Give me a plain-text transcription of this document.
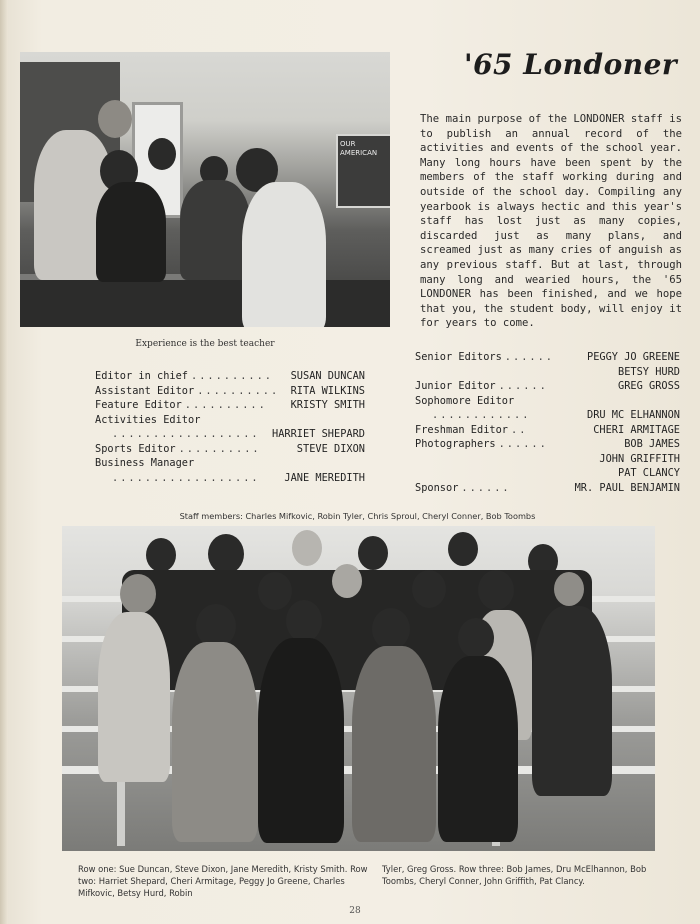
OUR AMERICAN
Experience is the best teacher
'65 Londoner
The main purpose of the LONDONER staff is to publish an annual record of the activities and events of the school year. Many long hours have been spent by the members of the staff working during and outside of the school day. Compiling any yearbook is always hectic and this year's staff has lost just as many copies, discarded just as many plans, and screamed just as many cries of anguish as any previous staff. But at last, through many long and wearied hours, the '65 LONDONER has been finished, and we hope that you, the student body, will enjoy it for years to come.
Editor in chief ..........	SUSAN DUNCAN
Assistant Editor ..........	RITA WILKINS
Feature Editor ..........	KRISTY SMITH
Activities Editor
..................	HARRIET SHEPARD
Sports Editor ..........	STEVE DIXON
Business Manager
..................	JANE MEREDITH
Senior Editors ......	PEGGY JO GREENE
BETSY HURD
Junior Editor ......	GREG GROSS
Sophomore Editor
............	DRU MC ELHANNON
Freshman Editor ..	CHERI ARMITAGE
Photographers ......	BOB JAMES
JOHN GRIFFITH
PAT CLANCY
Sponsor ......	MR. PAUL BENJAMIN
Staff members: Charles Mifkovic, Robin Tyler, Chris Sproul, Cheryl Conner, Bob Toombs
Row one: Sue Duncan, Steve Dixon, Jane Meredith, Kristy Smith. Row two: Harriet Shepard, Cheri Armitage, Peggy Jo Greene, Charles Mifkovic, Betsy Hurd, Robin
Tyler, Greg Gross. Row three: Bob James, Dru McElhannon, Bob Toombs, Cheryl Conner, John Griffith, Pat Clancy.
28
